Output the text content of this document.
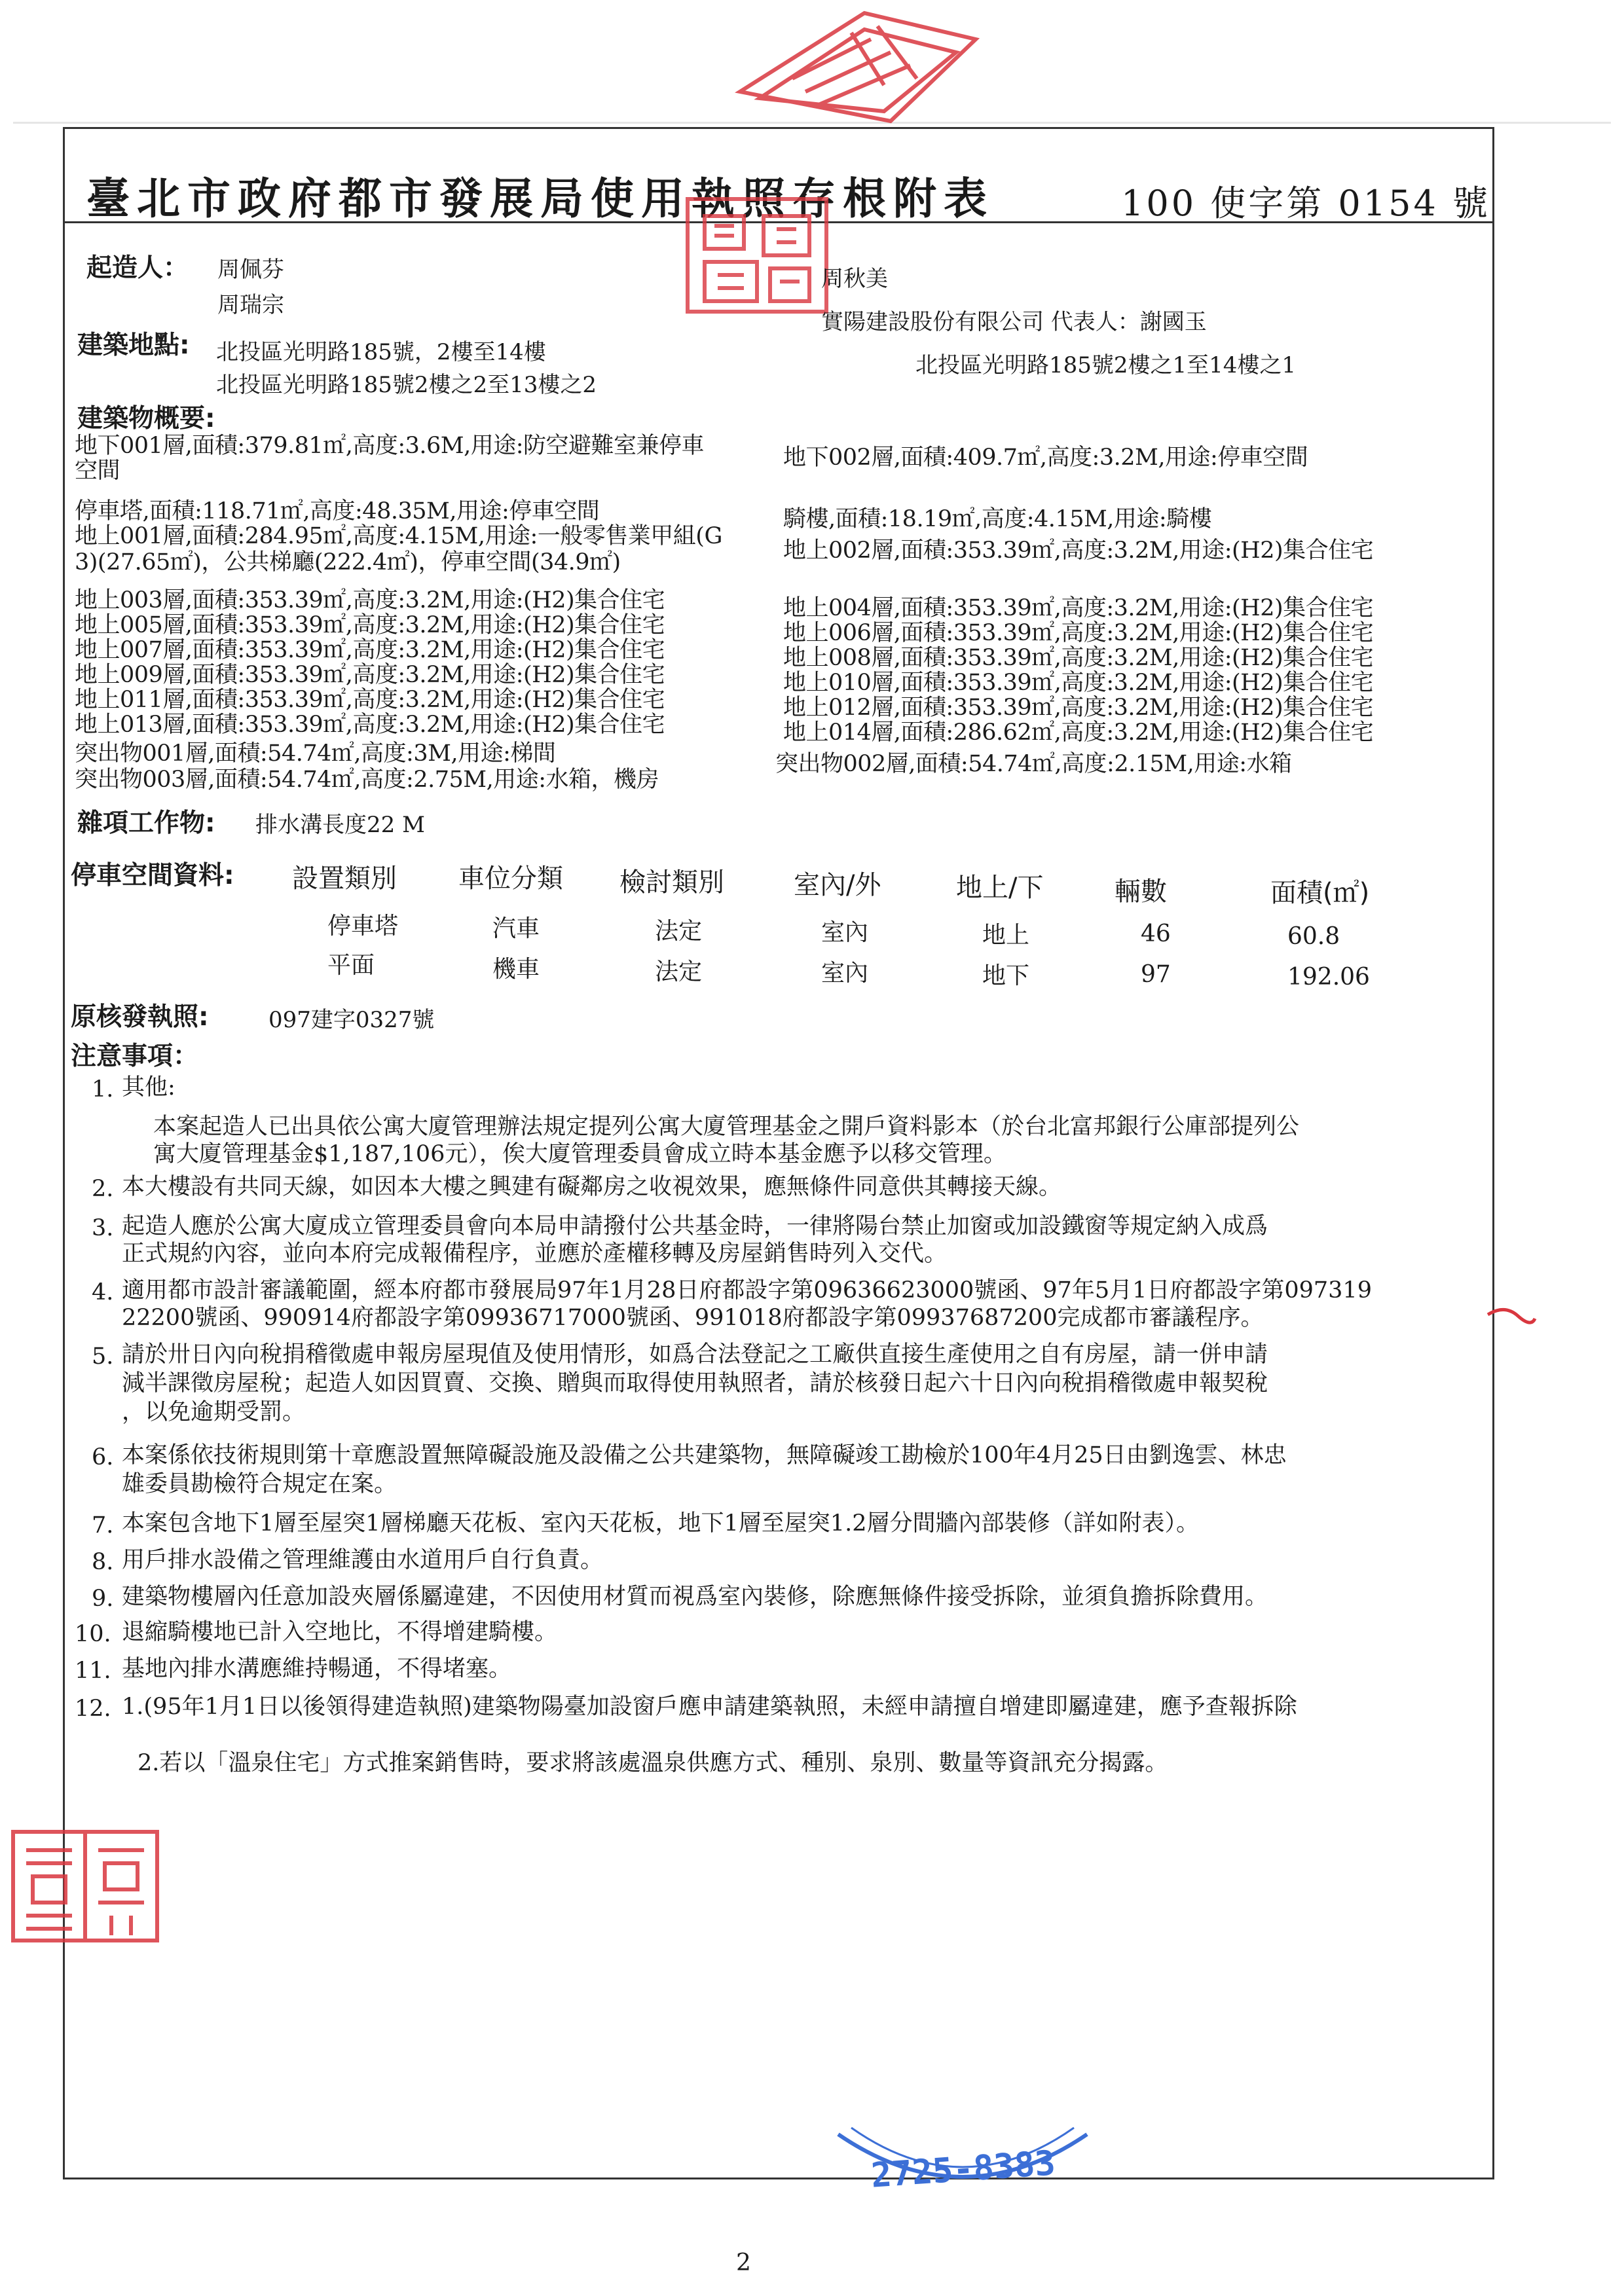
臺北市政府都市發展局使用執照存根附表	100 使字第 0154 號
起造人： 周佩芬
周瑞宗
周秋美
實陽建設股份有限公司 代表人：謝國玉
建築地點: 北投區光明路185號，2樓至14樓
北投區光明路185號2樓之2至13樓之2
北投區光明路185號2樓之1至14樓之1
建築物概要:
地下001層,面積:379.81㎡,高度:3.6M,用途:防空避難室兼停車
空間
停車塔,面積:118.71㎡,高度:48.35M,用途:停車空間
地上001層,面積:284.95㎡,高度:4.15M,用途:一般零售業甲組(G
3)(27.65㎡)，公共梯廳(222.4㎡)，停車空間(34.9㎡)
地上003層,面積:353.39㎡,高度:3.2M,用途:(H2)集合住宅
地上005層,面積:353.39㎡,高度:3.2M,用途:(H2)集合住宅
地上007層,面積:353.39㎡,高度:3.2M,用途:(H2)集合住宅
地上009層,面積:353.39㎡,高度:3.2M,用途:(H2)集合住宅
地上011層,面積:353.39㎡,高度:3.2M,用途:(H2)集合住宅
地上013層,面積:353.39㎡,高度:3.2M,用途:(H2)集合住宅
突出物001層,面積:54.74㎡,高度:3M,用途:梯間
突出物003層,面積:54.74㎡,高度:2.75M,用途:水箱，機房
地下002層,面積:409.7㎡,高度:3.2M,用途:停車空間
騎樓,面積:18.19㎡,高度:4.15M,用途:騎樓
地上002層,面積:353.39㎡,高度:3.2M,用途:(H2)集合住宅
地上004層,面積:353.39㎡,高度:3.2M,用途:(H2)集合住宅
地上006層,面積:353.39㎡,高度:3.2M,用途:(H2)集合住宅
地上008層,面積:353.39㎡,高度:3.2M,用途:(H2)集合住宅
地上010層,面積:353.39㎡,高度:3.2M,用途:(H2)集合住宅
地上012層,面積:353.39㎡,高度:3.2M,用途:(H2)集合住宅
地上014層,面積:286.62㎡,高度:3.2M,用途:(H2)集合住宅
突出物002層,面積:54.74㎡,高度:2.15M,用途:水箱
雜項工作物: 排水溝長度22 M
停車空間資料: 設置類別 車位分類 檢討類別	室內/外	地上/下	輛數	面積(㎡)
停車塔	汽車	法定	室內	地上	46	60.8
平面	機車	法定	室內	地下	97	192.06
原核發執照:	097建字0327號
注意事項：
1. 其他:
本案起造人已出具依公寓大廈管理辦法規定提列公寓大廈管理基金之開戶資料影本（於台北富邦銀行公庫部提列公
寓大廈管理基金$1,187,106元），俟大廈管理委員會成立時本基金應予以移交管理。
2. 本大樓設有共同天線，如因本大樓之興建有礙鄰房之收視效果，應無條件同意供其轉接天線。
3. 起造人應於公寓大廈成立管理委員會向本局申請撥付公共基金時，一律將陽台禁止加窗或加設鐵窗等規定納入成爲
正式規約內容，並向本府完成報備程序，並應於產權移轉及房屋銷售時列入交代。
4. 適用都市設計審議範圍，經本府都市發展局97年1月28日府都設字第09636623000號函、97年5月1日府都設字第097319
22200號函、990914府都設字第09936717000號函、991018府都設字第09937687200完成都市審議程序。
5. 請於卅日內向稅捐稽徵處申報房屋現值及使用情形，如爲合法登記之工廠供直接生產使用之自有房屋，請一併申請
減半課徵房屋稅；起造人如因買賣、交換、贈與而取得使用執照者，請於核發日起六十日內向稅捐稽徵處申報契稅
，以免逾期受罰。
6. 本案係依技術規則第十章應設置無障礙設施及設備之公共建築物，無障礙竣工勘檢於100年4月25日由劉逸雲、林忠
雄委員勘檢符合規定在案。
7. 本案包含地下1層至屋突1層梯廳天花板、室內天花板，地下1層至屋突1.2層分間牆內部裝修（詳如附表）。
8. 用戶排水設備之管理維護由水道用戶自行負責。
9. 建築物樓層內任意加設夾層係屬違建，不因使用材質而視爲室內裝修，除應無條件接受拆除，並須負擔拆除費用。
10. 退縮騎樓地已計入空地比，不得增建騎樓。
11. 基地內排水溝應維持暢通，不得堵塞。
12. 1.(95年1月1日以後領得建造執照)建築物陽臺加設窗戶應申請建築執照，未經申請擅自增建即屬違建，應予查報拆除
2.若以「溫泉住宅」方式推案銷售時，要求將該處溫泉供應方式、種別、泉別、數量等資訊充分揭露。
2725-8383
2
